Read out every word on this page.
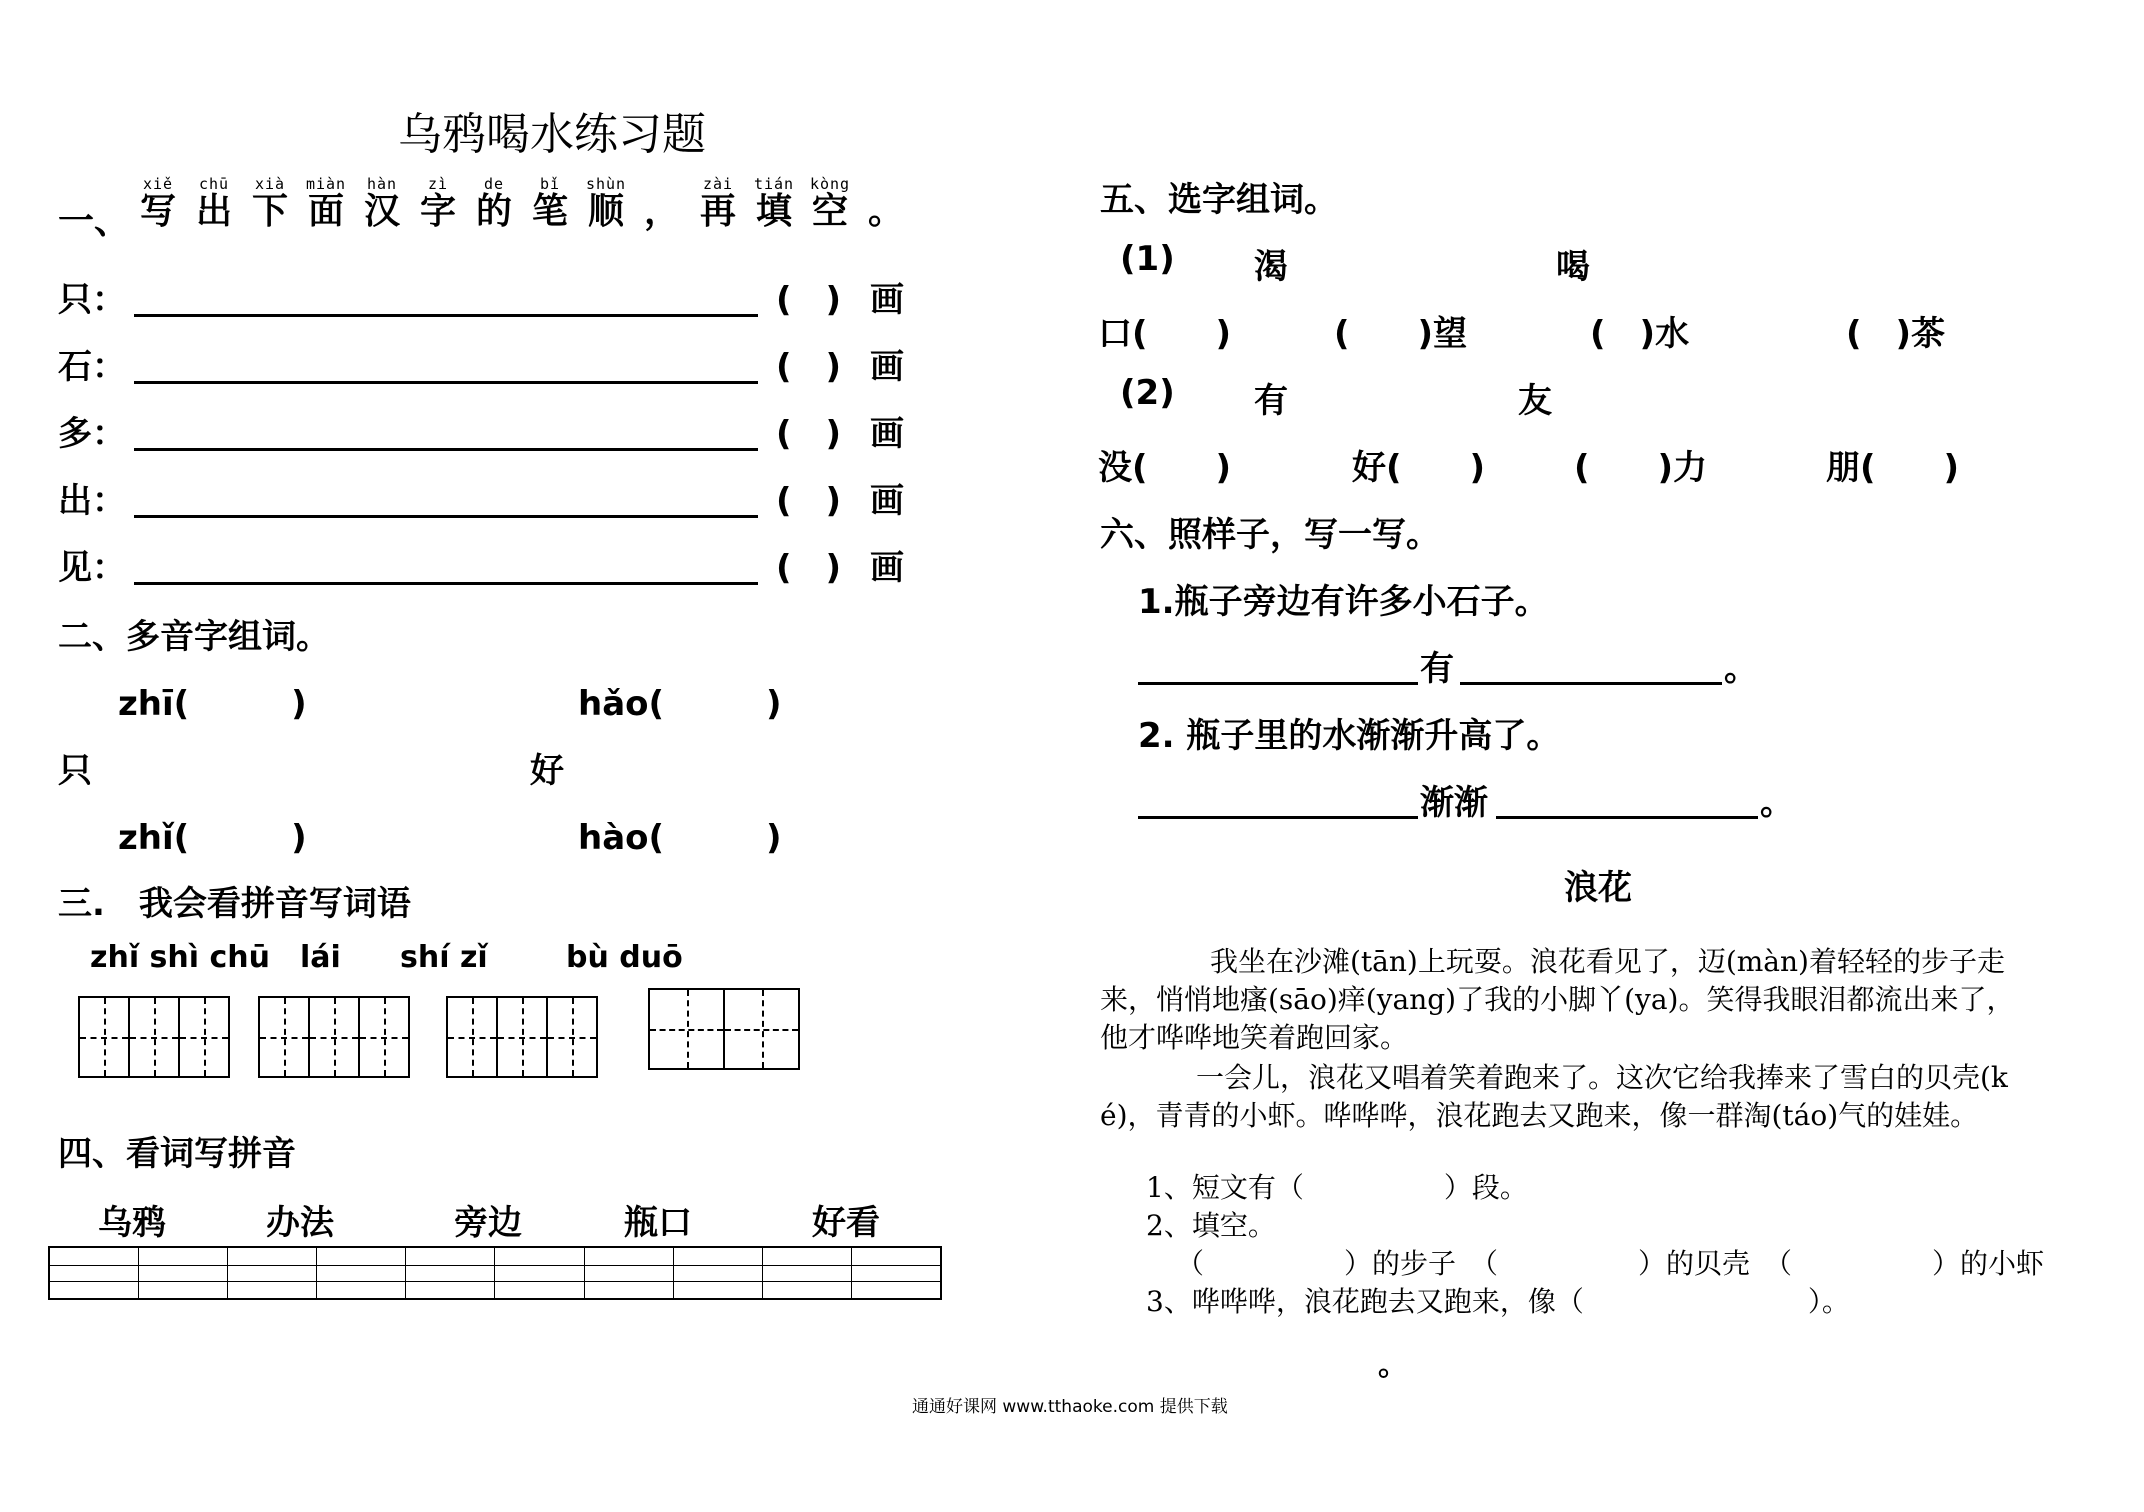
乌鸦喝水练习题
一、
xiě
写
chū
出
xià
下
miàn
面
hàn
汉
zì
字
de
的
bǐ
笔
shùn
顺
，
zài
再
tián
填
kòng
空
。
只：	(　) 画
石：	(　) 画
多：	(　) 画
出：	(　) 画
见：	(　) 画
二、多音字组词。
zhī(　　　)	hǎo(　　　)
只	好
zhǐ(　　　)	hào(　　　)
三.　我会看拼音写词语
zhǐ shì chū lái shí zǐ	bù duō
四、看词写拼音
乌鸦	办法	旁边	瓶口	好看
五、选字组词。
(1) 渴	喝
口(　　)	(　　)望	(　)水	(　)茶
(2) 有	友
没(　　)	好(　　)	(　　)力	朋(　　)
六、照样子，写一写。
1.瓶子旁边有许多小石子。
有	。
2. 瓶子里的水渐渐升高了。
渐渐	。
浪花
我坐在沙滩(tān)上玩耍。浪花看见了，迈(màn)着轻轻的步子走
来，悄悄地瘙(sāo)痒(yang)了我的小脚丫(ya)。笑得我眼泪都流出来了，
他才哗哗地笑着跑回家。
一会儿，浪花又唱着笑着跑来了。这次它给我捧来了雪白的贝壳(k
é)，青青的小虾。哗哗哗，浪花跑去又跑来，像一群淘(táo)气的娃娃。
1、短文有（　　　　　）段。
2、填空。
（　　　　　）的步子　（　　　　　）的贝壳　（　　　　　）的小虾
3、哗哗哗，浪花跑去又跑来，像（　　　　　　　　）。
。
通通好课网 www.tthaoke.com 提供下载
